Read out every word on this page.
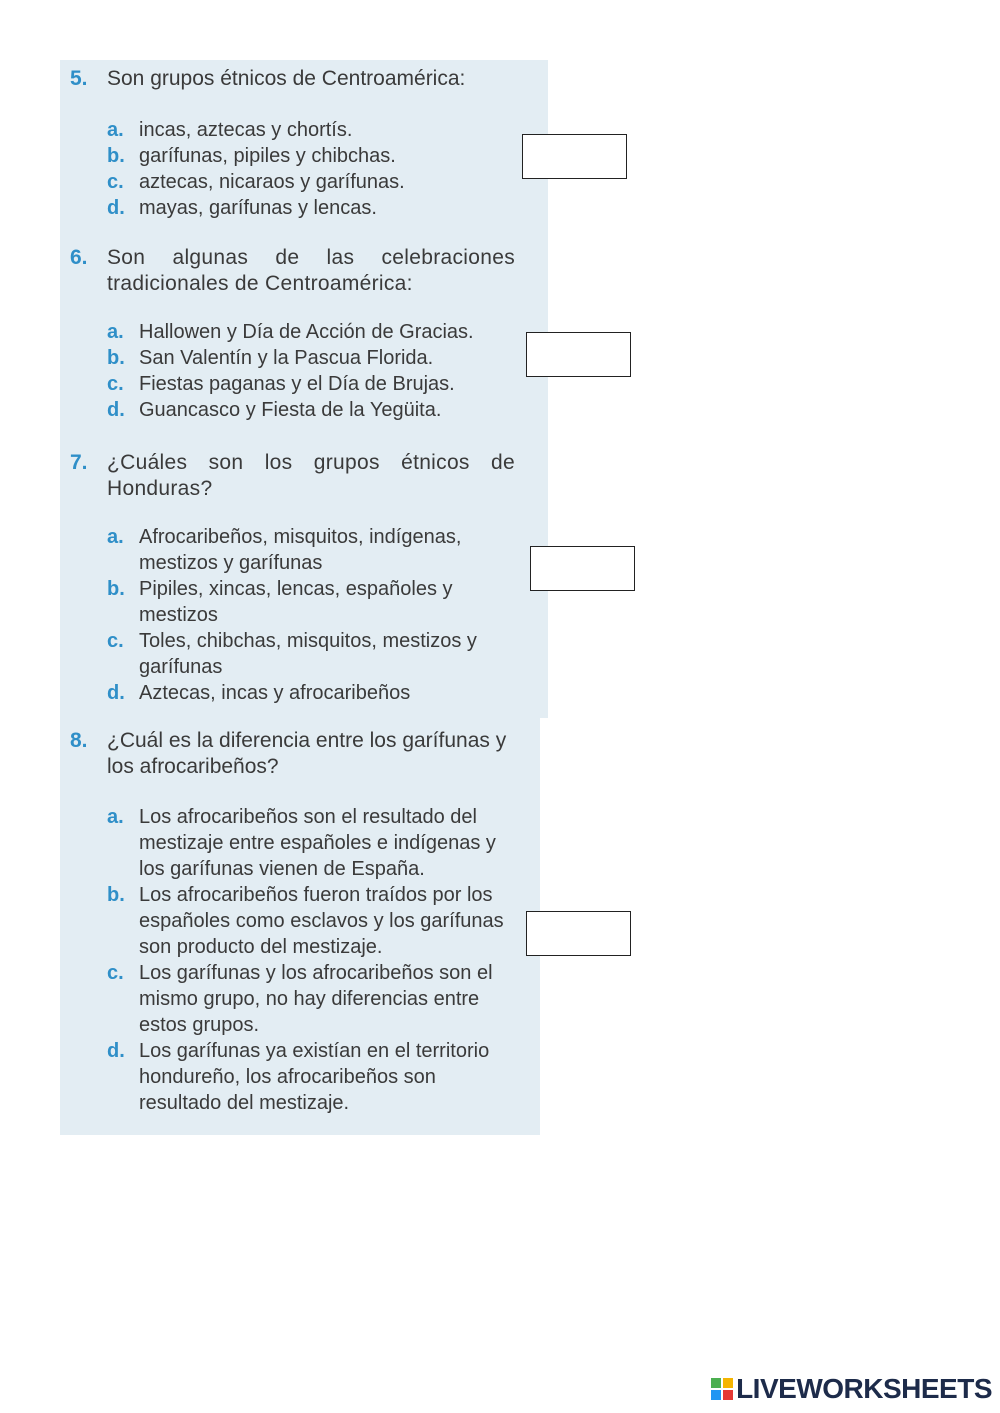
5. Son grupos étnicos de Centroamérica:
a. incas, aztecas y chortís.
b. garífunas, pipiles y chibchas.
c. aztecas, nicaraos y garífunas.
d. mayas, garífunas y lencas.
6. Son algunas de las celebraciones tradicionales de Centroamérica:
a. Hallowen y Día de Acción de Gracias.
b. San Valentín y la Pascua Florida.
c. Fiestas paganas y el Día de Brujas.
d. Guancasco y Fiesta de la Yegüita.
7. ¿Cuáles son los grupos étnicos de Honduras?
a. Afrocaribeños, misquitos, indígenas, mestizos y garífunas
b. Pipiles, xincas, lencas, españoles y mestizos
c. Toles, chibchas, misquitos, mestizos y garífunas
d. Aztecas, incas y afrocaribeños
8. ¿Cuál es la diferencia entre los garífunas y los afrocaribeños?
a. Los afrocaribeños son el resultado del mestizaje entre españoles e indígenas y los garífunas vienen de España.
b. Los afrocaribeños fueron traídos por los españoles como esclavos y los garífunas son producto del mestizaje.
c. Los garífunas y los afrocaribeños son el mismo grupo, no hay diferencias entre estos grupos.
d. Los garífunas ya existían en el territorio hondureño, los afrocaribeños son resultado del mestizaje.
LIVEWORKSHEETS
